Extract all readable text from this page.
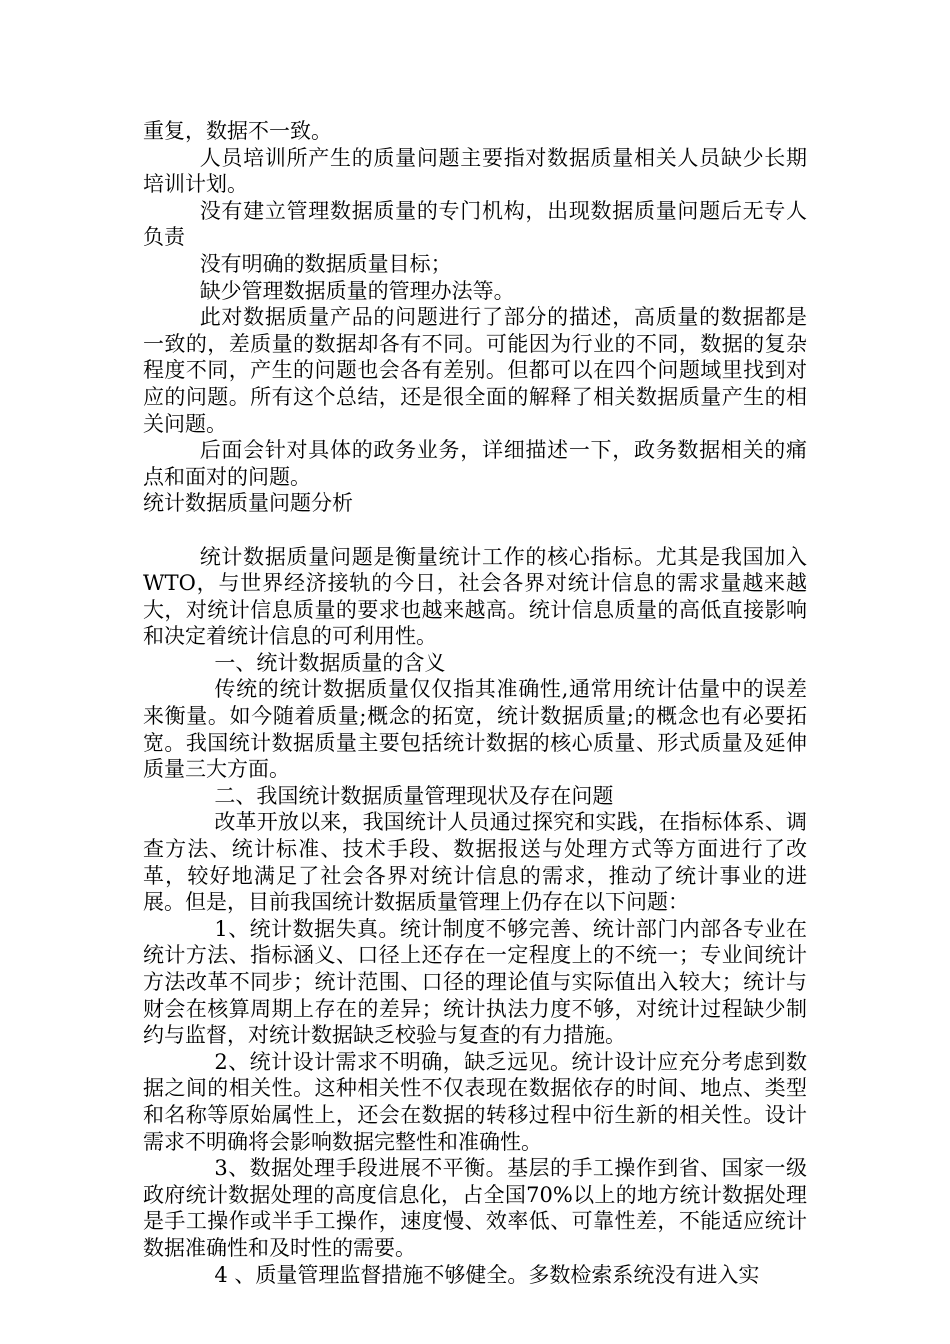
重复，数据不一致。

人员培训所产生的质量问题主要指对数据质量相关人员缺少长期培训计划。

没有建立管理数据质量的专门机构，出现数据质量问题后无专人负责

没有明确的数据质量目标；

缺少管理数据质量的管理办法等。

此对数据质量产品的问题进行了部分的描述，高质量的数据都是一致的，差质量的数据却各有不同。可能因为行业的不同，数据的复杂程度不同，产生的问题也会各有差别。但都可以在四个问题域里找到对应的问题。所有这个总结，还是很全面的解释了相关数据质量产生的相关问题。

后面会针对具体的政务业务，详细描述一下，政务数据相关的痛点和面对的问题。

统计数据质量问题分析

统计数据质量问题是衡量统计工作的核心指标。尤其是我国加入WTO，与世界经济接轨的今日，社会各界对统计信息的需求量越来越大，对统计信息质量的要求也越来越高。统计信息质量的高低直接影响和决定着统计信息的可利用性。

一、统计数据质量的含义

传统的统计数据质量仅仅指其准确性,通常用统计估量中的误差来衡量。如今随着质量;概念的拓宽，统计数据质量;的概念也有必要拓宽。我国统计数据质量主要包括统计数据的核心质量、形式质量及延伸质量三大方面。

二、我国统计数据质量管理现状及存在问题

改革开放以来，我国统计人员通过探究和实践，在指标体系、调查方法、统计标准、技术手段、数据报送与处理方式等方面进行了改革，较好地满足了社会各界对统计信息的需求，推动了统计事业的进展。但是，目前我国统计数据质量管理上仍存在以下问题：

1、统计数据失真。统计制度不够完善、统计部门内部各专业在统计方法、指标涵义、口径上还存在一定程度上的不统一；专业间统计方法改革不同步；统计范围、口径的理论值与实际值出入较大；统计与财会在核算周期上存在的差异；统计执法力度不够，对统计过程缺少制约与监督，对统计数据缺乏校验与复查的有力措施。

2、统计设计需求不明确，缺乏远见。统计设计应充分考虑到数据之间的相关性。这种相关性不仅表现在数据依存的时间、地点、类型和名称等原始属性上，还会在数据的转移过程中衍生新的相关性。设计需求不明确将会影响数据完整性和准确性。

3、数据处理手段进展不平衡。基层的手工操作到省、国家一级政府统计数据处理的高度信息化，占全国70%以上的地方统计数据处理是手工操作或半手工操作，速度慢、效率低、可靠性差，不能适应统计数据准确性和及时性的需要。

4 、质量管理监督措施不够健全。多数检索系统没有进入实
